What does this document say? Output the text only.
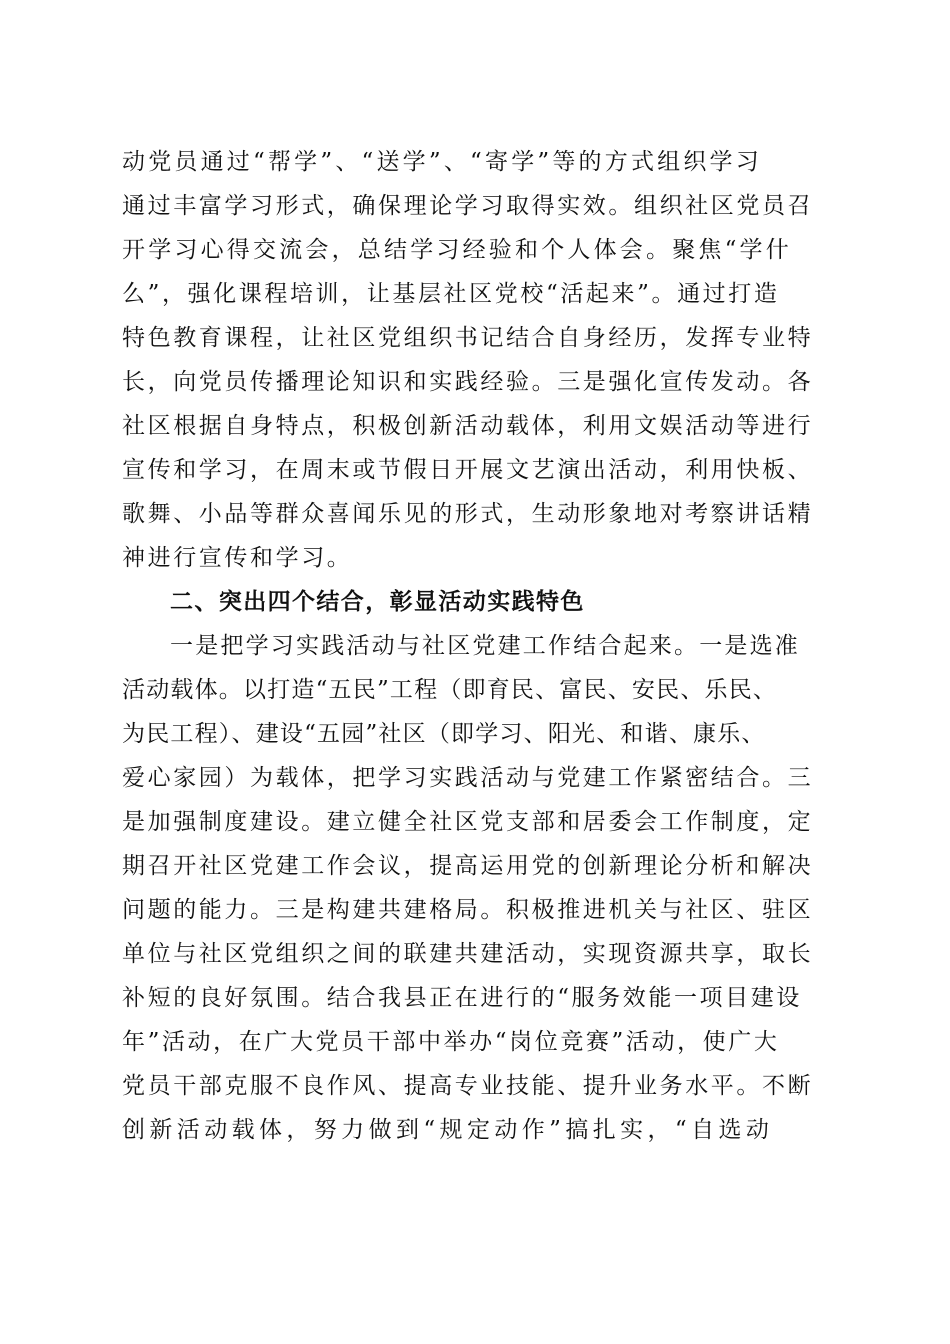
动党员通过“帮学”、“送学”、“寄学”等的方式组织学习
通过丰富学习形式，确保理论学习取得实效。组织社区党员召
开学习心得交流会，总结学习经验和个人体会。聚焦“学什
么”，强化课程培训，让基层社区党校“活起来”。通过打造
特色教育课程，让社区党组织书记结合自身经历，发挥专业特
长，向党员传播理论知识和实践经验。三是强化宣传发动。各
社区根据自身特点，积极创新活动载体，利用文娱活动等进行
宣传和学习，在周末或节假日开展文艺演出活动，利用快板、
歌舞、小品等群众喜闻乐见的形式，生动形象地对考察讲话精
神进行宣传和学习。
二、突出四个结合，彰显活动实践特色
一是把学习实践活动与社区党建工作结合起来。一是选准
活动载体。以打造“五民”工程（即育民、富民、安民、乐民、
为民工程）、建设“五园”社区（即学习、阳光、和谐、康乐、
爱心家园）为载体，把学习实践活动与党建工作紧密结合。三
是加强制度建设。建立健全社区党支部和居委会工作制度，定
期召开社区党建工作会议，提高运用党的创新理论分析和解决
问题的能力。三是构建共建格局。积极推进机关与社区、驻区
单位与社区党组织之间的联建共建活动，实现资源共享，取长
补短的良好氛围。结合我县正在进行的“服务效能一项目建设
年”活动，在广大党员干部中举办“岗位竞赛”活动，使广大
党员干部克服不良作风、提高专业技能、提升业务水平。不断
创新活动载体，努力做到“规定动作”搞扎实，“自选动
